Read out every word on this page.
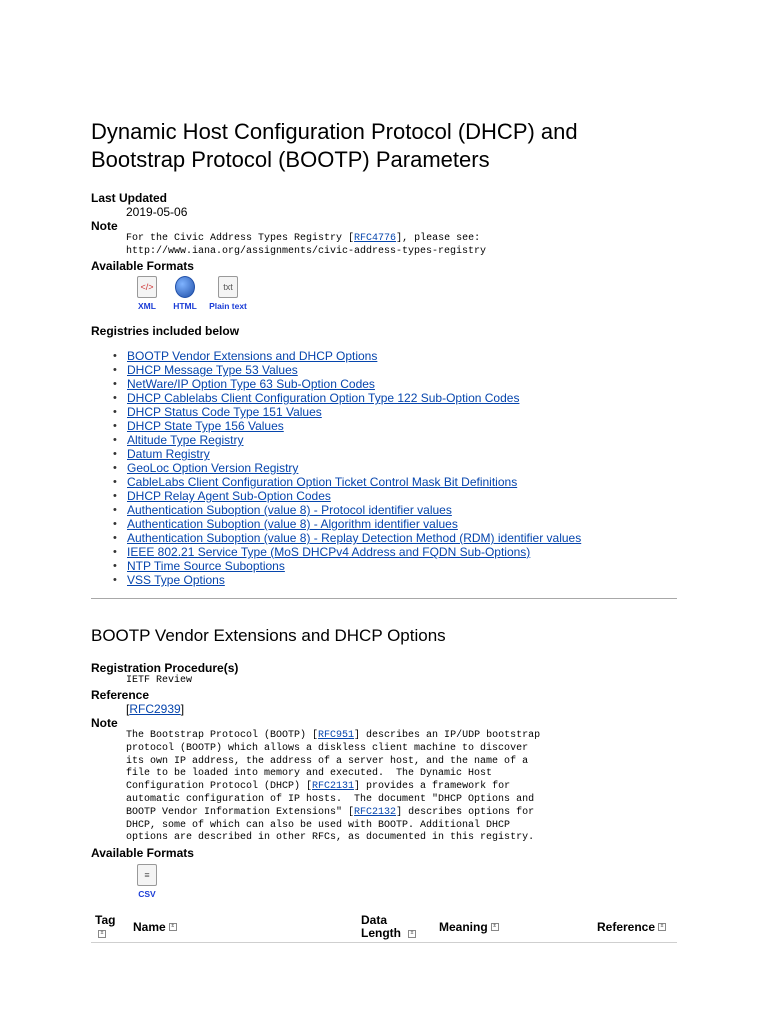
Dynamic Host Configuration Protocol (DHCP) and Bootstrap Protocol (BOOTP) Parameters
Last Updated
2019-05-06
Note
For the Civic Address Types Registry [RFC4776], please see:
http://www.iana.org/assignments/civic-address-types-registry
Available Formats
</>
XML HTML
txt
Plain text
Registries included below
• BOOTP Vendor Extensions and DHCP Options
• DHCP Message Type 53 Values
• NetWare/IP Option Type 63 Sub-Option Codes
• DHCP Cablelabs Client Configuration Option Type 122 Sub-Option Codes
• DHCP Status Code Type 151 Values
• DHCP State Type 156 Values
• Altitude Type Registry
• Datum Registry
• GeoLoc Option Version Registry
• CableLabs Client Configuration Option Ticket Control Mask Bit Definitions
• DHCP Relay Agent Sub-Option Codes
• Authentication Suboption (value 8) - Protocol identifier values
• Authentication Suboption (value 8) - Algorithm identifier values
• Authentication Suboption (value 8) - Replay Detection Method (RDM) identifier values
• IEEE 802.21 Service Type (MoS DHCPv4 Address and FQDN Sub-Options)
• NTP Time Source Suboptions
• VSS Type Options
BOOTP Vendor Extensions and DHCP Options
Registration Procedure(s)
IETF Review
Reference
[RFC2939]
Note
The Bootstrap Protocol (BOOTP) [RFC951] describes an IP/UDP bootstrap
protocol (BOOTP) which allows a diskless client machine to discover
its own IP address, the address of a server host, and the name of a
file to be loaded into memory and executed.  The Dynamic Host
Configuration Protocol (DHCP) [RFC2131] provides a framework for
automatic configuration of IP hosts.  The document "DHCP Options and
BOOTP Vendor Information Extensions" [RFC2132] describes options for
DHCP, some of which can also be used with BOOTP. Additional DHCP
options are described in other RFCs, as documented in this registry.
Available Formats
≡
CSV
Tag
±	Name ±	Data Length ±	Meaning ±	Reference ±
